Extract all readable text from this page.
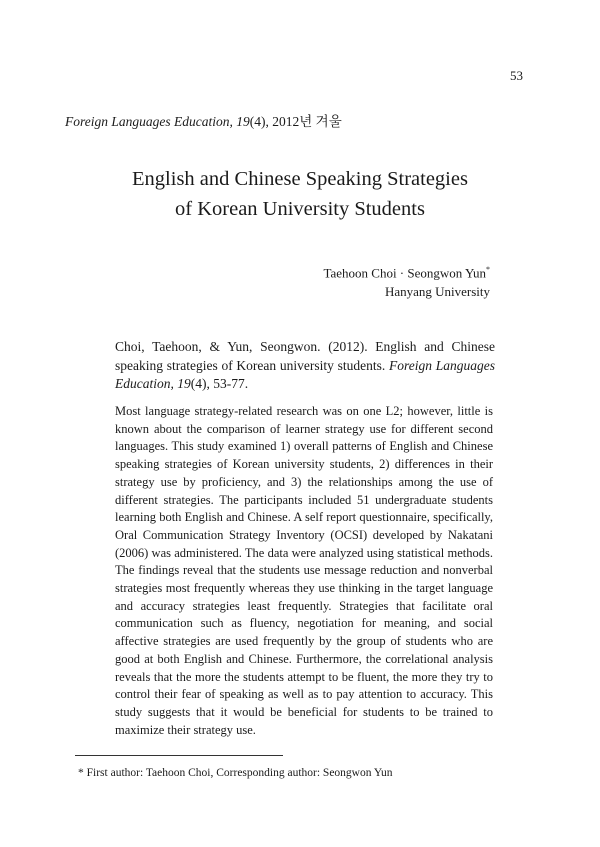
53
Foreign Languages Education, 19(4), 2012년 겨울
English and Chinese Speaking Strategies
of Korean University Students
Taehoon Choi · Seongwon Yun*
Hanyang University
Choi, Taehoon, & Yun, Seongwon. (2012). English and Chinese speaking strategies of Korean university students. Foreign Languages Education, 19(4), 53-77.
Most language strategy-related research was on one L2; however, little is known about the comparison of learner strategy use for different second languages. This study examined 1) overall patterns of English and Chinese speaking strategies of Korean university students, 2) differences in their strategy use by proficiency, and 3) the relationships among the use of different strategies. The participants included 51 undergraduate students learning both English and Chinese. A self report questionnaire, specifically, Oral Communication Strategy Inventory (OCSI) developed by Nakatani (2006) was administered. The data were analyzed using statistical methods. The findings reveal that the students use message reduction and nonverbal strategies most frequently whereas they use thinking in the target language and accuracy strategies least frequently. Strategies that facilitate oral communication such as fluency, negotiation for meaning, and social affective strategies are used frequently by the group of students who are good at both English and Chinese. Furthermore, the correlational analysis reveals that the more the students attempt to be fluent, the more they try to control their fear of speaking as well as to pay attention to accuracy. This study suggests that it would be beneficial for students to be trained to maximize their strategy use.
* First author: Taehoon Choi, Corresponding author: Seongwon Yun
